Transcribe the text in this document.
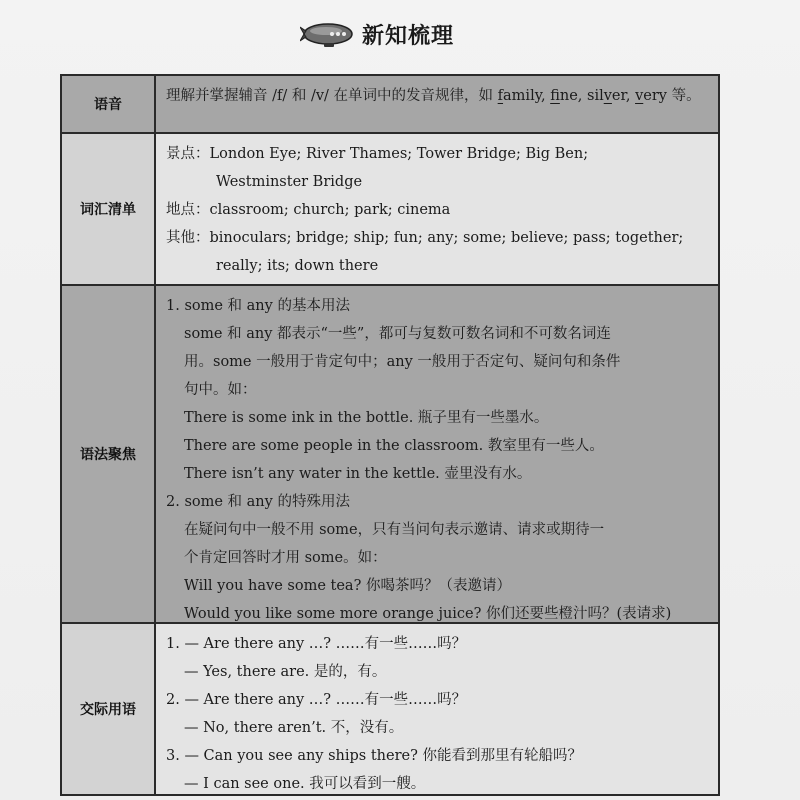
新知梳理
语音
理解并掌握辅音 /f/ 和 /v/ 在单词中的发音规律，如 family, fine, silver, very 等。
词汇清单
景点：London Eye; River Thames; Tower Bridge; Big Ben;
Westminster Bridge
地点：classroom; church; park; cinema
其他：binoculars; bridge; ship; fun; any; some; believe; pass; together;
really; its; down there
语法聚焦
1. some 和 any 的基本用法
some 和 any 都表示“一些”，都可与复数可数名词和不可数名词连
用。some 一般用于肯定句中；any 一般用于否定句、疑问句和条件
句中。如：
There is some ink in the bottle. 瓶子里有一些墨水。
There are some people in the classroom. 教室里有一些人。
There isn’t any water in the kettle. 壶里没有水。
2. some 和 any 的特殊用法
在疑问句中一般不用 some，只有当问句表示邀请、请求或期待一
个肯定回答时才用 some。如：
Will you have some tea? 你喝茶吗？（表邀请）
Would you like some more orange juice? 你们还要些橙汁吗？(表请求)
交际用语
1. — Are there any …? ……有一些……吗？
— Yes, there are. 是的，有。
2. — Are there any …? ……有一些……吗？
— No, there aren’t. 不，没有。
3. — Can you see any ships there? 你能看到那里有轮船吗？
— I can see one. 我可以看到一艘。
